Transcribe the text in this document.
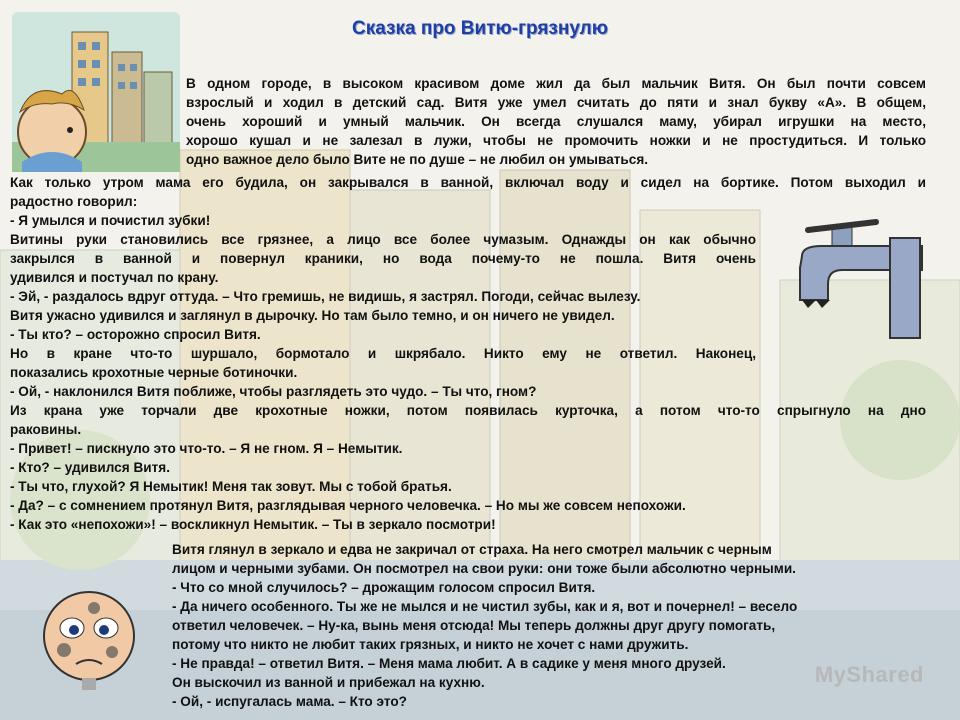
Сказка про Витю-грязнулю
В одном городе, в высоком красивом доме жил да был мальчик Витя. Он был почти совсем
взрослый и ходил в детский сад. Витя уже умел считать до пяти и знал букву «А». В общем,
очень хороший и умный мальчик. Он всегда слушался маму, убирал игрушки на место,
хорошо кушал и не залезал в лужи, чтобы не промочить ножки и не простудиться. И только
одно важное дело было Вите не по душе – не любил он умываться.
Как только утром мама его будила, он закрывался в ванной, включал воду и сидел на бортике. Потом выходил и
радостно говорил:
- Я умылся и почистил зубки!
Витины руки становились все грязнее, а лицо все более чумазым. Однажды он как обычно
закрылся в ванной и повернул краники, но вода почему-то не пошла. Витя очень
удивился и постучал по крану.
- Эй, - раздалось вдруг оттуда. – Что гремишь, не видишь, я застрял. Погоди, сейчас вылезу.
Витя ужасно удивился и заглянул в дырочку. Но там было темно, и он ничего не увидел.
- Ты кто? – осторожно спросил Витя.
Но в кране что-то шуршало, бормотало и шкрябало. Никто ему не ответил. Наконец,
показались крохотные черные ботиночки.
- Ой, - наклонился Витя поближе, чтобы разглядеть это чудо. – Ты что, гном?
Из крана уже торчали две крохотные ножки, потом появилась курточка, а потом что-то спрыгнуло на дно
раковины.
- Привет! – пискнуло это что-то. – Я не гном. Я – Немытик.
- Кто? – удивился Витя.
- Ты что, глухой? Я Немытик! Меня так зовут. Мы с тобой братья.
- Да? – с сомнением протянул Витя, разглядывая черного человечка. – Но мы же совсем непохожи.
- Как это «непохожи»! – воскликнул Немытик. – Ты в зеркало посмотри!
Витя глянул в зеркало и едва не закричал от страха. На него смотрел мальчик с черным
лицом и черными зубами. Он посмотрел на свои руки: они тоже были абсолютно черными.
- Что со мной случилось? – дрожащим голосом спросил Витя.
- Да ничего особенного. Ты же не мылся и не чистил зубы, как и я, вот и почернел! – весело
ответил человечек. – Ну-ка, вынь меня отсюда! Мы теперь должны друг другу помогать,
потому что никто не любит таких грязных, и никто не хочет с нами дружить.
- Не правда! – ответил Витя. – Меня мама любит. А в садике у меня много друзей.
Он выскочил из ванной и прибежал на кухню.
- Ой, - испугалась мама. – Кто это?
MyShared
